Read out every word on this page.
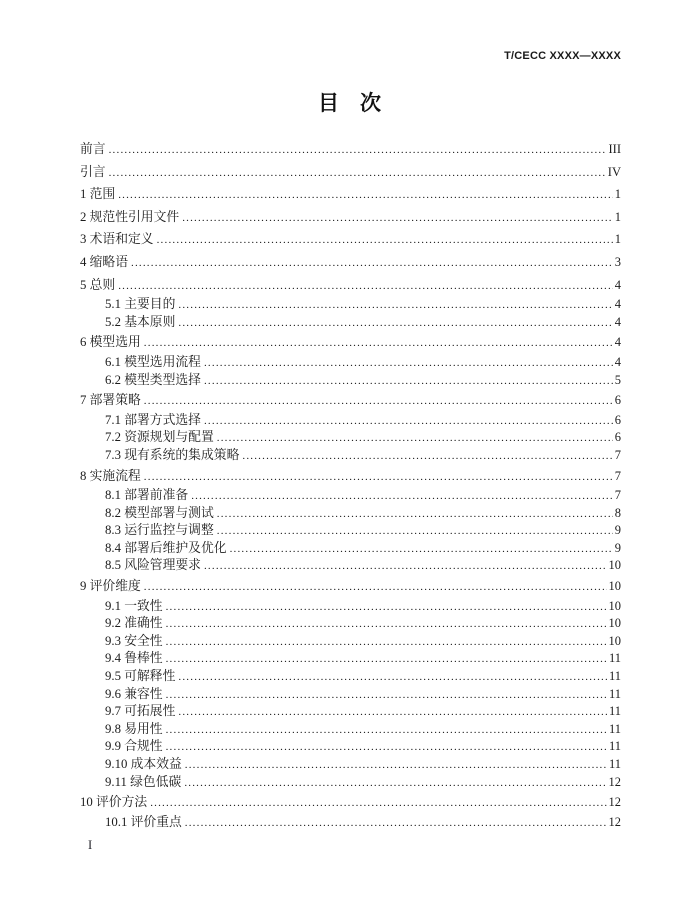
T/CECC XXXX—XXXX
目　次
前言 .....	III
引言 .....	IV
1 范围 .....	1
2 规范性引用文件 .....	1
3 术语和定义 .....	1
4 缩略语 .....	3
5 总则 .....	4
5.1 主要目的 .....	4
5.2 基本原则 .....	4
6 模型选用 .....	4
6.1 模型选用流程 .....	4
6.2 模型类型选择 .....	5
7 部署策略 .....	6
7.1 部署方式选择 .....	6
7.2 资源规划与配置 .....	6
7.3 现有系统的集成策略 .....	7
8 实施流程 .....	7
8.1 部署前准备 .....	7
8.2 模型部署与测试 .....	8
8.3 运行监控与调整 .....	9
8.4 部署后维护及优化 .....	9
8.5 风险管理要求 .....	10
9 评价维度 .....	10
9.1 一致性 .....	10
9.2 准确性 .....	10
9.3 安全性 .....	10
9.4 鲁棒性 .....	11
9.5 可解释性 .....	11
9.6 兼容性 .....	11
9.7 可拓展性 .....	11
9.8 易用性 .....	11
9.9 合规性 .....	11
9.10 成本效益 .....	11
9.11 绿色低碳 .....	12
10 评价方法 .....	12
10.1 评价重点 .....	12
I
